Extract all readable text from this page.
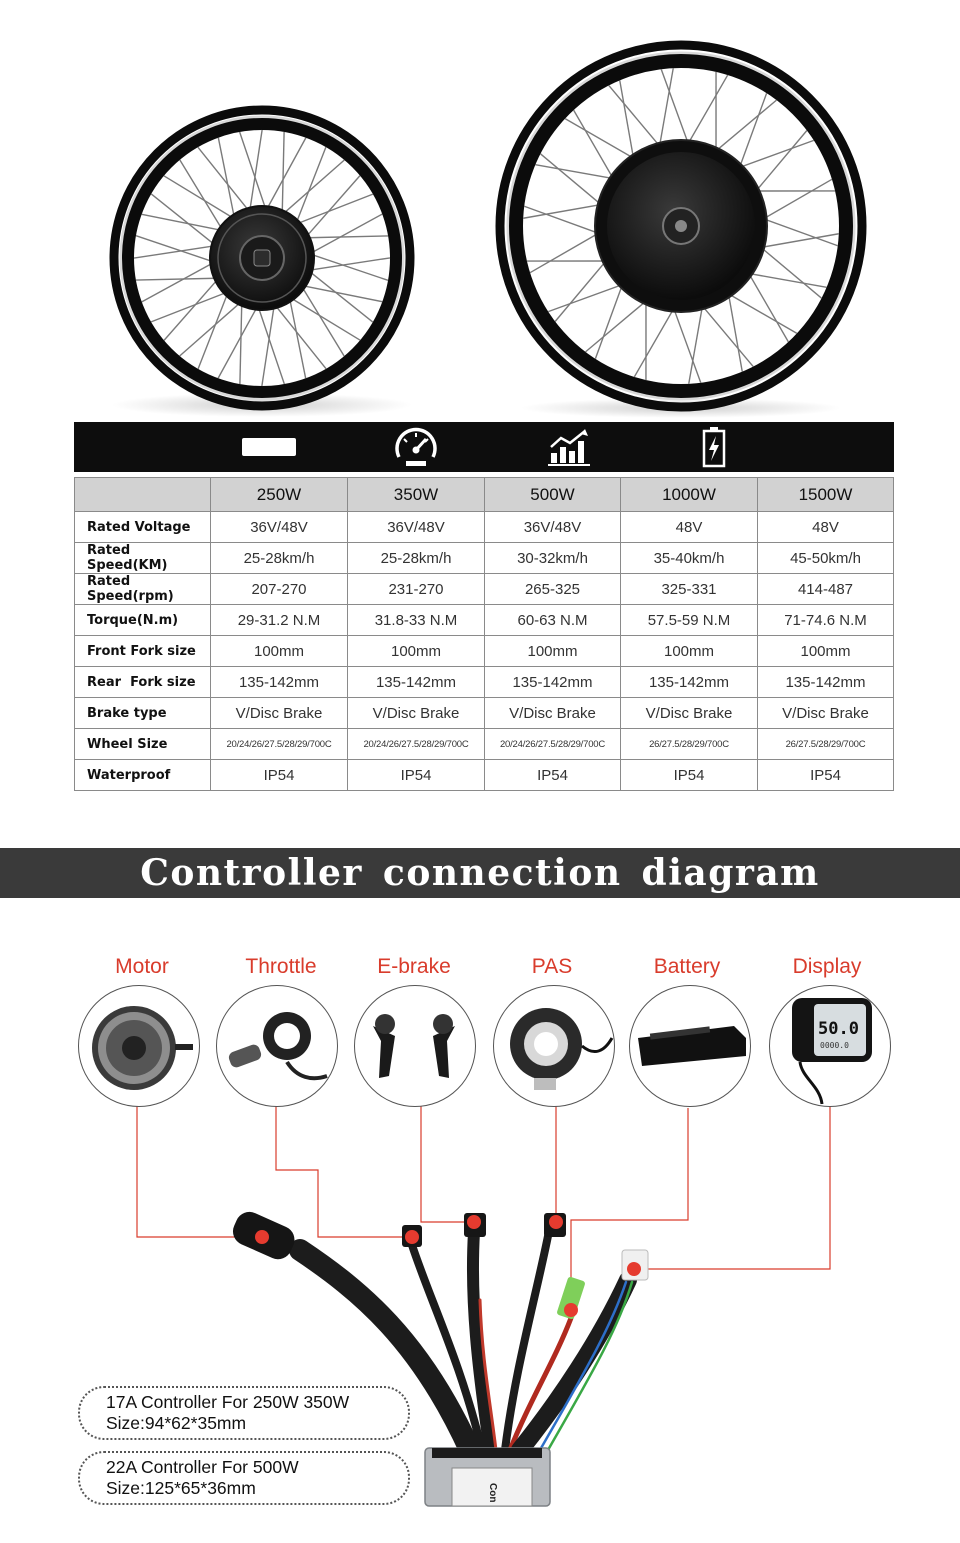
	250W	350W	500W	1000W	1500W
Rated Voltage	36V/48V	36V/48V	36V/48V	48V	48V
Rated Speed(KM)	25-28km/h	25-28km/h	30-32km/h	35-40km/h	45-50km/h
Rated Speed(rpm)	207-270	231-270	265-325	325-331	414-487
Torque(N.m)	29-31.2 N.M	31.8-33 N.M	60-63 N.M	57.5-59 N.M	71-74.6 N.M
Front Fork size	100mm	100mm	100mm	100mm	100mm
Rear  Fork size	135-142mm	135-142mm	135-142mm	135-142mm	135-142mm
Brake type	V/Disc Brake	V/Disc Brake	V/Disc Brake	V/Disc Brake	V/Disc Brake
Wheel Size	20/24/26/27.5/28/29/700C	20/24/26/27.5/28/29/700C	20/24/26/27.5/28/29/700C	26/27.5/28/29/700C	26/27.5/28/29/700C
Waterproof	IP54	IP54	IP54	IP54	IP54
Controller connection diagram
Con
Motor	Throttle	E-brake	PAS	Battery	Display
50.0
0000.0
17A Controller For 250W 350W
Size:94*62*35mm
22A Controller For 500W
Size:125*65*36mm
